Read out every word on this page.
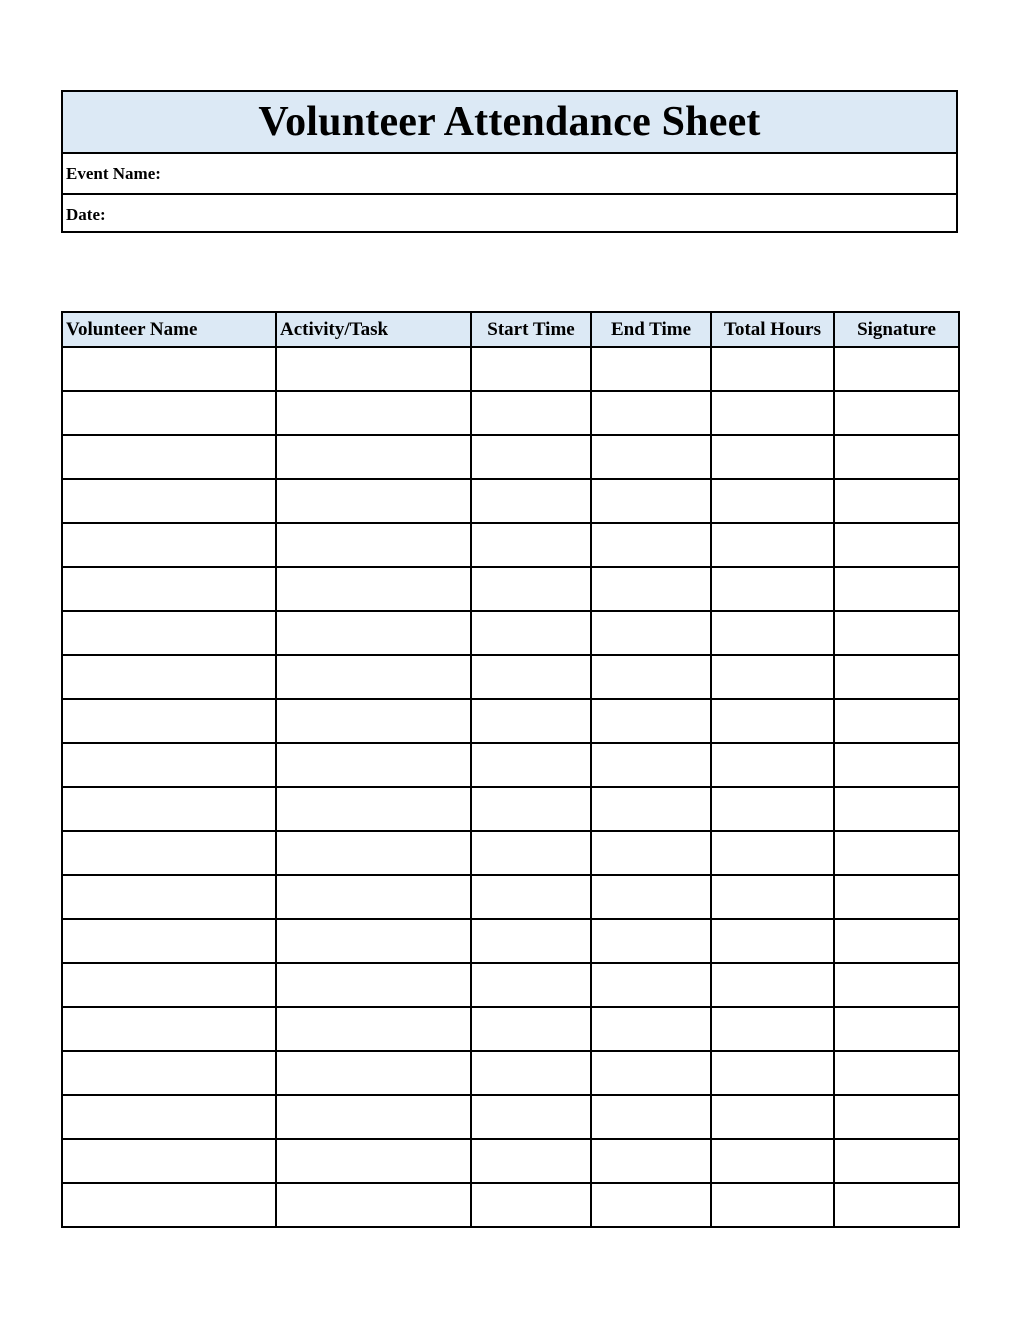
Volunteer Attendance Sheet
Event Name:
Date:
Volunteer Name	Activity/Task	Start Time	End Time	Total Hours	Signature
